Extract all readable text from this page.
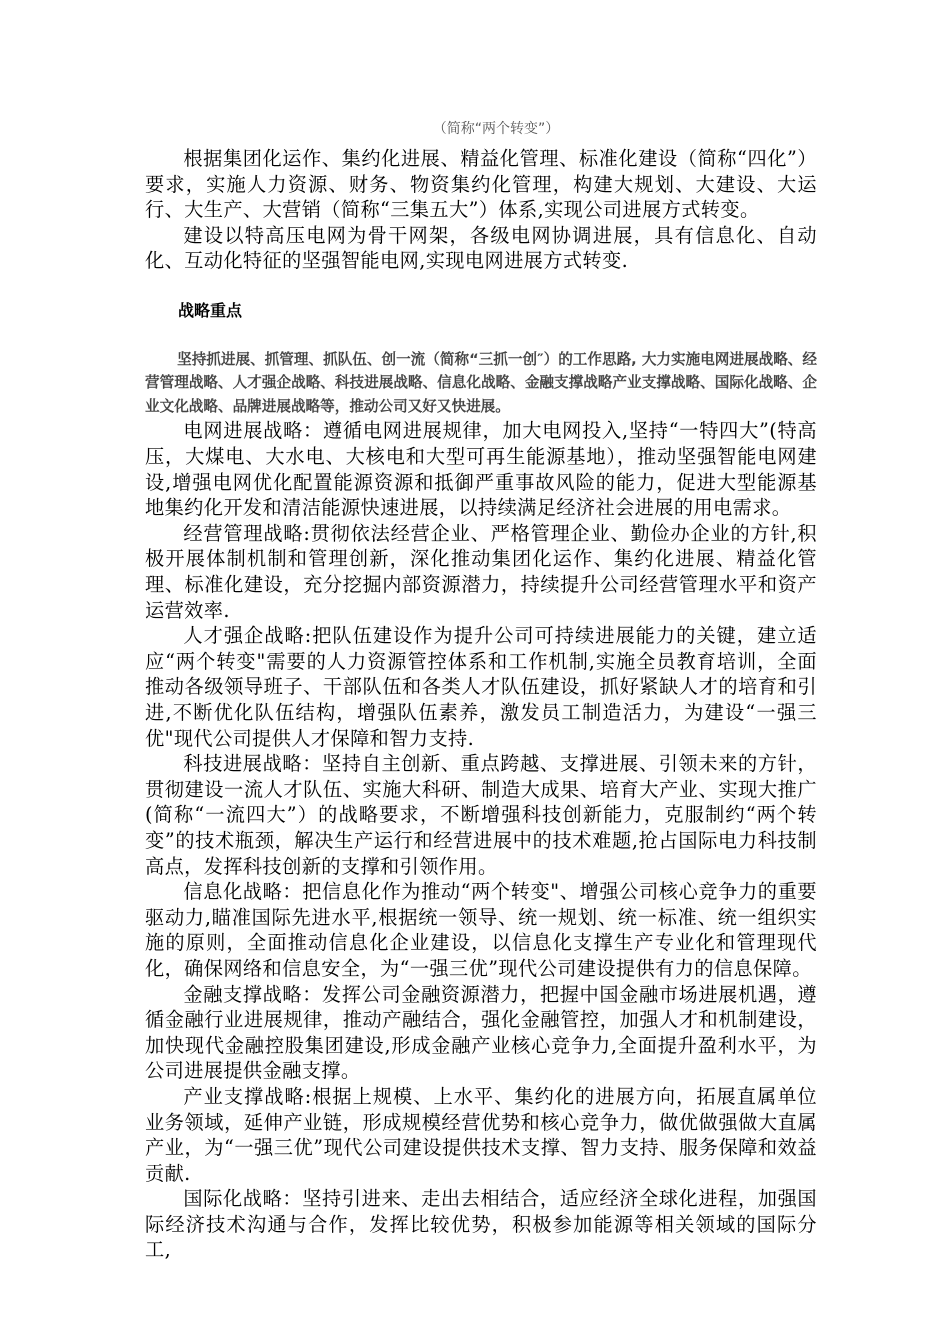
（简称“两个转变”）

根据集团化运作、集约化进展、精益化管理、标准化建设（简称“四化”）要求，实施人力资源、财务、物资集约化管理，构建大规划、大建设、大运行、大生产、大营销（简称“三集五大”）体系,实现公司进展方式转变。

建设以特高压电网为骨干网架，各级电网协调进展，具有信息化、自动化、互动化特征的坚强智能电网,实现电网进展方式转变.

战略重点

坚持抓进展、抓管理、抓队伍、创一流（简称“三抓一创″）的工作思路, 大力实施电网进展战略、经营管理战略、人才强企战略、科技进展战略、信息化战略、金融支撑战略产业支撑战略、国际化战略、企业文化战略、品牌进展战略等，推动公司又好又快进展。

电网进展战略：遵循电网进展规律，加大电网投入,坚持“一特四大”(特高压，大煤电、大水电、大核电和大型可再生能源基地），推动坚强智能电网建设,增强电网优化配置能源资源和抵御严重事故风险的能力，促进大型能源基地集约化开发和清洁能源快速进展，以持续满足经济社会进展的用电需求。

经营管理战略:贯彻依法经营企业、严格管理企业、勤俭办企业的方针,积极开展体制机制和管理创新，深化推动集团化运作、集约化进展、精益化管理、标准化建设，充分挖掘内部资源潜力，持续提升公司经营管理水平和资产运营效率.

人才强企战略:把队伍建设作为提升公司可持续进展能力的关键，建立适应“两个转变"需要的人力资源管控体系和工作机制,实施全员教育培训，全面推动各级领导班子、干部队伍和各类人才队伍建设，抓好紧缺人才的培育和引进,不断优化队伍结构，增强队伍素养，激发员工制造活力，为建设“一强三优"现代公司提供人才保障和智力支持.

科技进展战略：坚持自主创新、重点跨越、支撑进展、引领未来的方针，贯彻建设一流人才队伍、实施大科研、制造大成果、培育大产业、实现大推广(简称“一流四大”）的战略要求，不断增强科技创新能力，克服制约“两个转变”的技术瓶颈，解决生产运行和经营进展中的技术难题,抢占国际电力科技制高点，发挥科技创新的支撑和引领作用。

信息化战略：把信息化作为推动“两个转变"、增强公司核心竞争力的重要驱动力,瞄准国际先进水平,根据统一领导、统一规划、统一标准、统一组织实施的原则，全面推动信息化企业建设，以信息化支撑生产专业化和管理现代化，确保网络和信息安全，为“一强三优”现代公司建设提供有力的信息保障。

金融支撑战略：发挥公司金融资源潜力，把握中国金融市场进展机遇，遵循金融行业进展规律，推动产融结合，强化金融管控，加强人才和机制建设，加快现代金融控股集团建设,形成金融产业核心竞争力,全面提升盈利水平，为公司进展提供金融支撑。

产业支撑战略:根据上规模、上水平、集约化的进展方向，拓展直属单位业务领域，延伸产业链，形成规模经营优势和核心竞争力，做优做强做大直属产业，为“一强三优”现代公司建设提供技术支撑、智力支持、服务保障和效益贡献.

国际化战略：坚持引进来、走出去相结合，适应经济全球化进程，加强国际经济技术沟通与合作，发挥比较优势，积极参加能源等相关领域的国际分工,
